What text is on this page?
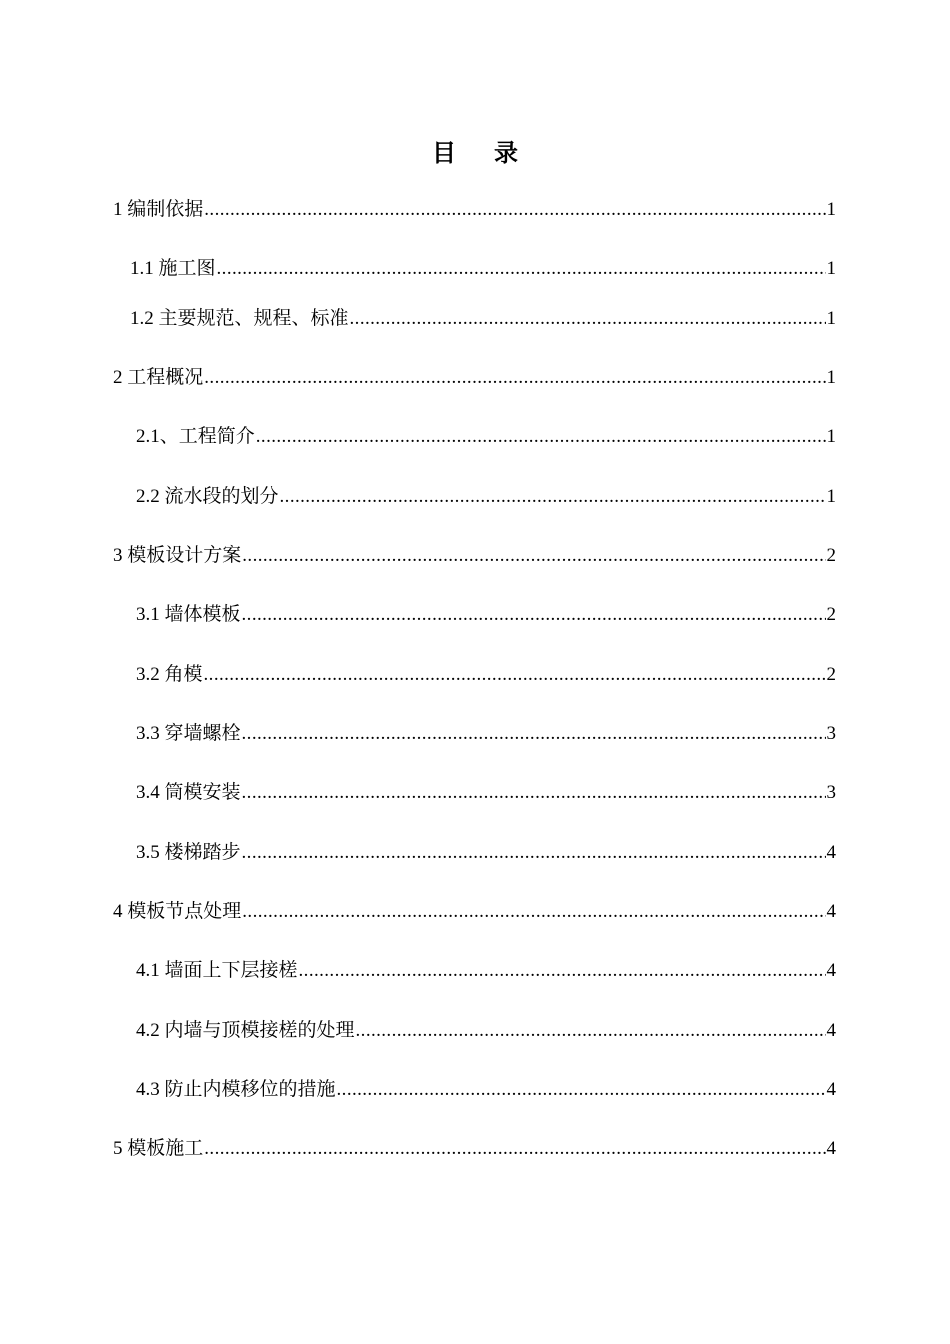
目录
1 编制依据 .....	1
1.1 施工图 .....	1
1.2 主要规范、规程、标准 .....	1
2 工程概况 .....	1
2.1、工程简介 .....	1
2.2 流水段的划分 .....	1
3 模板设计方案 .....	2
3.1 墙体模板 .....	2
3.2 角模 .....	2
3.3 穿墙螺栓 .....	3
3.4 筒模安装 .....	3
3.5 楼梯踏步 .....	4
4 模板节点处理 .....	4
4.1 墙面上下层接槎 .....	4
4.2 内墙与顶模接槎的处理 .....	4
4.3 防止内模移位的措施 .....	4
5 模板施工 .....	4
